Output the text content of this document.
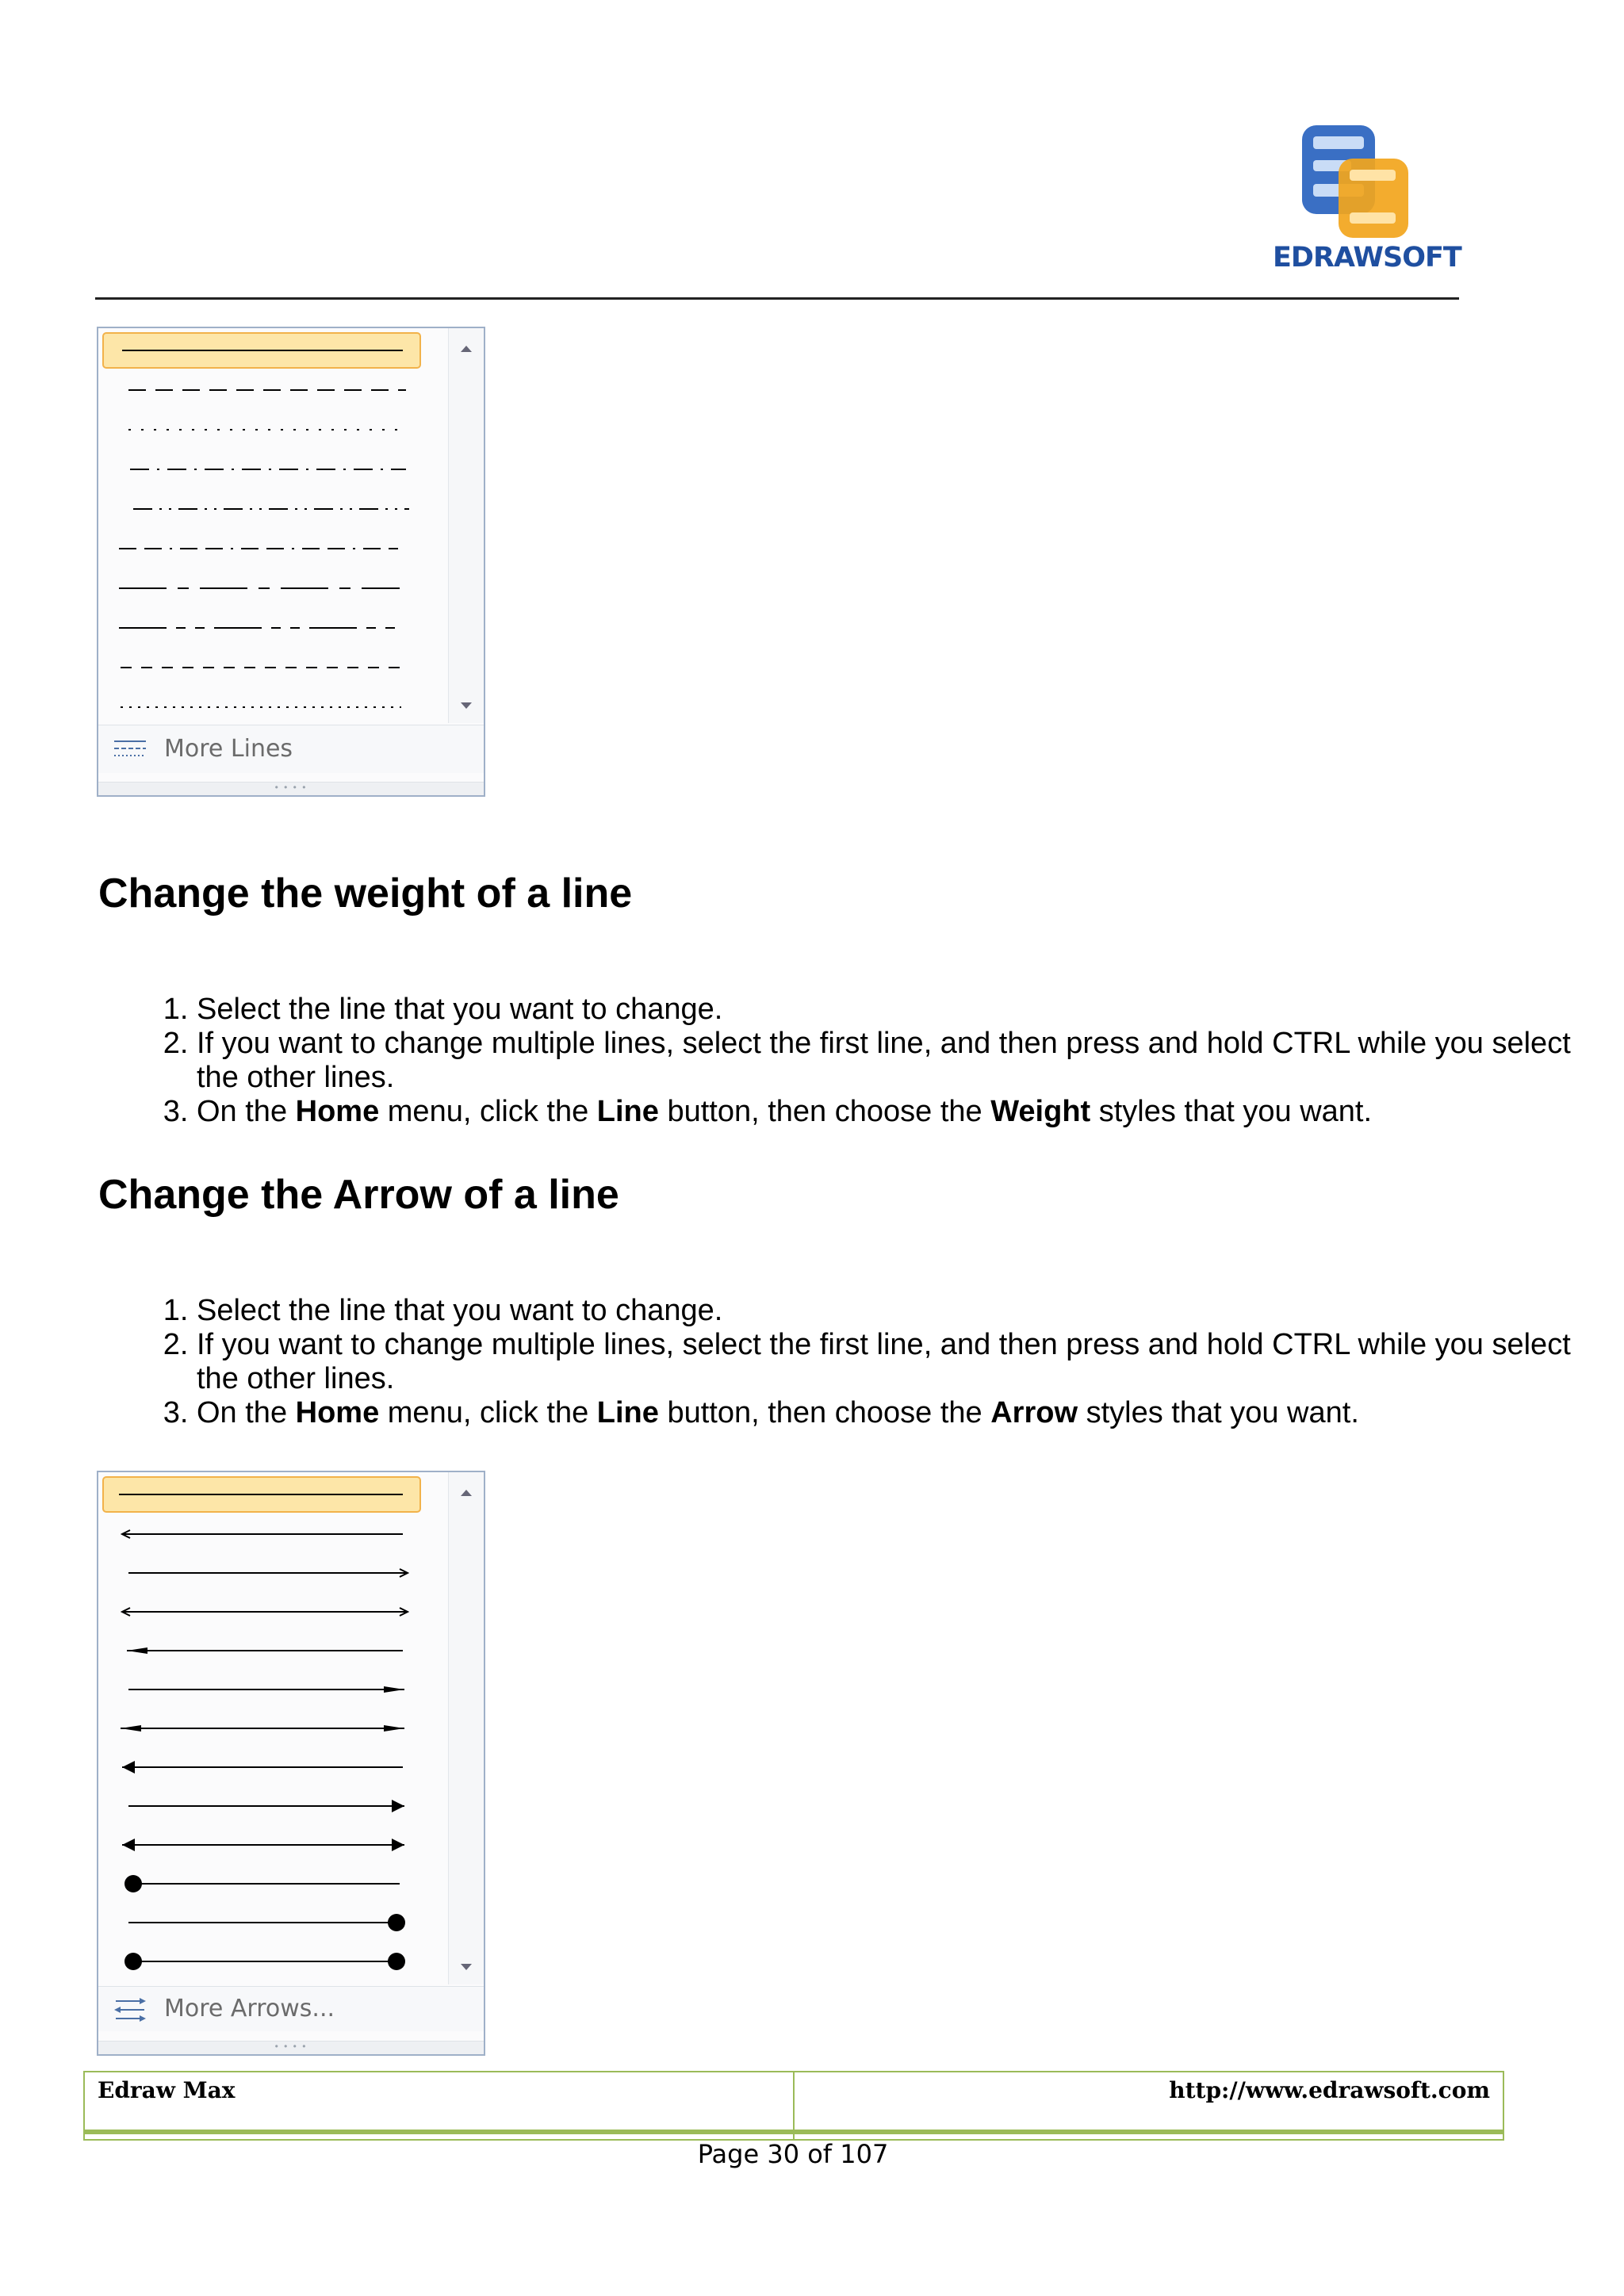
EDRAWSOFT
More Lines
• • • •
Change the weight of a line
1. Select the line that you want to change.
2. If you want to change multiple lines, select the first line, and then press and hold CTRL while you select the other lines.
3. On the Home menu, click the Line button, then choose the Weight styles that you want.
Change the Arrow of a line
1. Select the line that you want to change.
2. If you want to change multiple lines, select the first line, and then press and hold CTRL while you select the other lines.
3. On the Home menu, click the Line button, then choose the Arrow styles that you want.
More Arrows...
• • • •
Edraw Max	http://www.edrawsoft.com
Page 30 of 107
